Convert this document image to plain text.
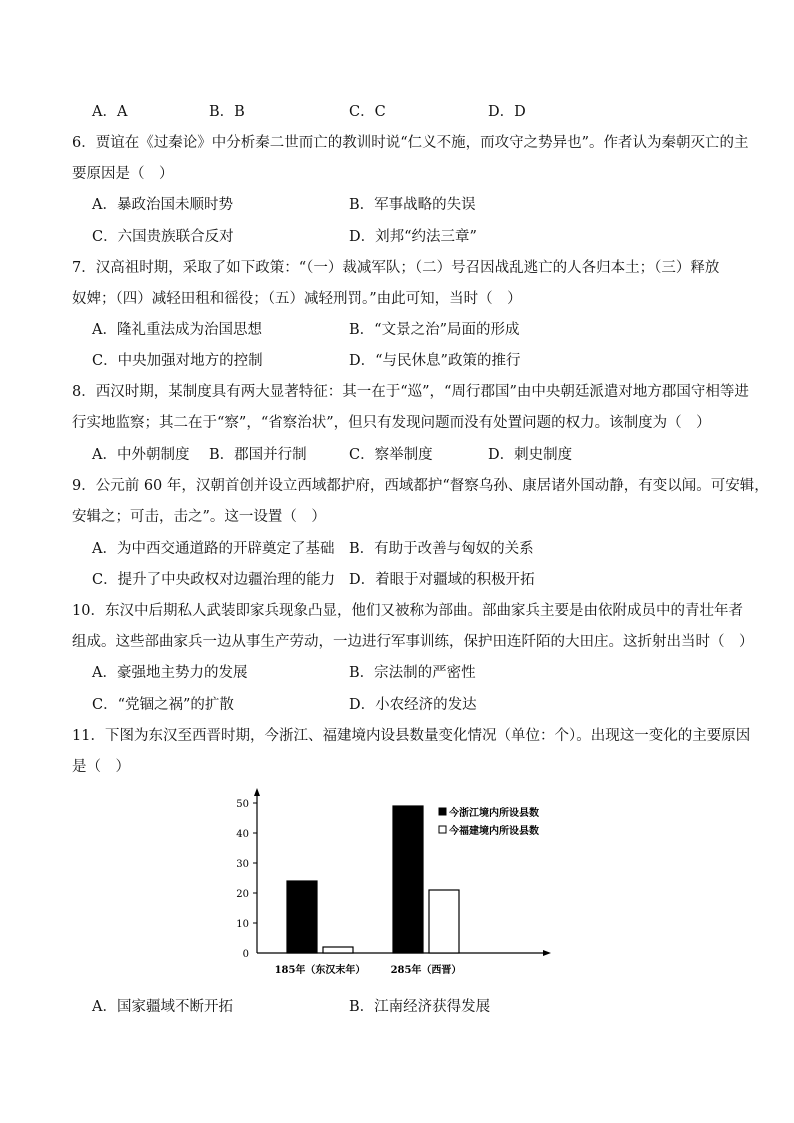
A．A	B．B	C．C	D．D
6．贾谊在《过秦论》中分析秦二世而亡的教训时说“仁义不施，而攻守之势异也”。作者认为秦朝灭亡的主
要原因是（　）
A．暴政治国未顺时势	B．军事战略的失误
C．六国贵族联合反对	D．刘邦“约法三章”
7．汉高祖时期，采取了如下政策：“（一）裁减军队；（二）号召因战乱逃亡的人各归本土；（三）释放
奴婢；（四）减轻田租和徭役；（五）减轻刑罚。”由此可知，当时（　）
A．隆礼重法成为治国思想	B．“文景之治”局面的形成
C．中央加强对地方的控制	D．“与民休息”政策的推行
8．西汉时期，某制度具有两大显著特征：其一在于“巡”，“周行郡国”由中央朝廷派遣对地方郡国守相等进
行实地监察；其二在于“察”，“省察治状”，但只有发现问题而没有处置问题的权力。该制度为（　）
A．中外朝制度 B．郡国并行制	C．察举制度	D．刺史制度
9．公元前 60 年，汉朝首创并设立西域都护府，西域都护“督察乌孙、康居诸外国动静，有变以闻。可安辑，
安辑之；可击，击之”。这一设置（　）
A．为中西交通道路的开辟奠定了基础 B．有助于改善与匈奴的关系
C．提升了中央政权对边疆治理的能力 D．着眼于对疆域的积极开拓
10．东汉中后期私人武装即家兵现象凸显，他们又被称为部曲。部曲家兵主要是由依附成员中的青壮年者
组成。这些部曲家兵一边从事生产劳动，一边进行军事训练，保护田连阡陌的大田庄。这折射出当时（　）
A．豪强地主势力的发展	B．宗法制的严密性
C．“党锢之祸”的扩散	D．小农经济的发达
11．下图为东汉至西晋时期，今浙江、福建境内设县数量变化情况（单位：个）。出现这一变化的主要原因
是（　）
0
10
20
30
40
50
185年（东汉末年）	285年（西晋）
今浙江境内所设县数
今福建境内所设县数
A．国家疆域不断开拓	B．江南经济获得发展
